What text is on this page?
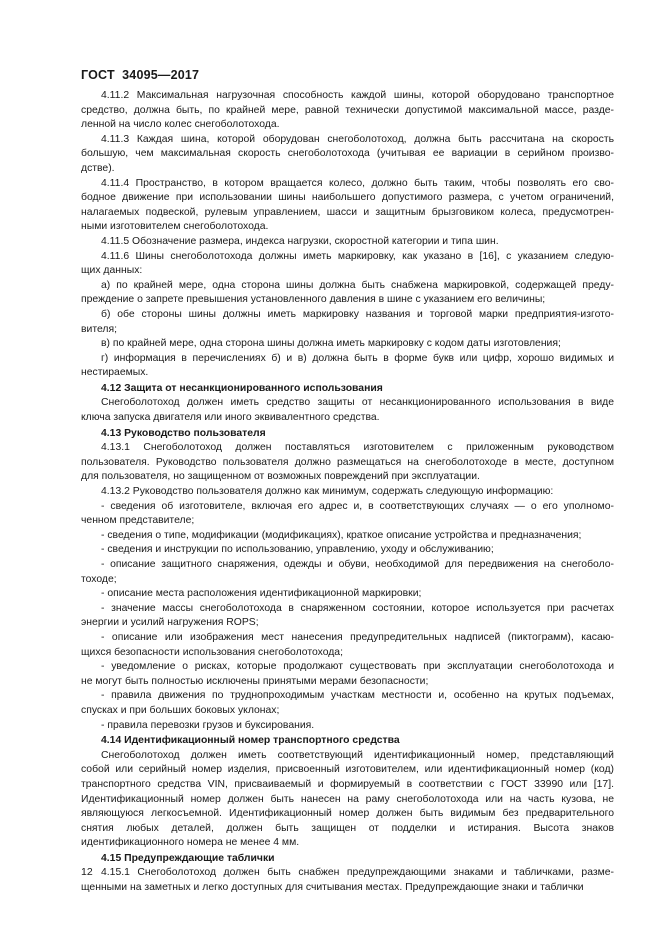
ГОСТ  34095—2017
4.11.2 Максимальная нагрузочная способность каждой шины, которой оборудовано транспортное
средство, должна быть, по крайней мере, равной технически допустимой максимальной массе, разде-
ленной на число колес снегоболотохода.
4.11.3 Каждая шина, которой оборудован снегоболотоход, должна быть рассчитана на скорость
большую, чем максимальная скорость снегоболотохода (учитывая ее вариации в серийном произво-
дстве).
4.11.4 Пространство, в котором вращается колесо, должно быть таким, чтобы позволять его сво-
бодное движение при использовании шины наибольшего допустимого размера, с учетом ограничений,
налагаемых подвеской, рулевым управлением, шасси и защитным брызговиком колеса, предусмотрен-
ными изготовителем снегоболотохода.
4.11.5 Обозначение размера, индекса нагрузки, скоростной категории и типа шин.
4.11.6 Шины снегоболотохода должны иметь маркировку, как указано в [16], с указанием следую-
щих данных:
а) по крайней мере, одна сторона шины должна быть снабжена маркировкой, содержащей преду-
преждение о запрете превышения установленного давления в шине с указанием его величины;
б) обе стороны шины должны иметь маркировку названия и торговой марки предприятия-изгото-
вителя;
в) по крайней мере, одна сторона шины должна иметь маркировку с кодом даты изготовления;
г) информация в перечислениях б) и в) должна быть в форме букв или цифр, хорошо видимых и
нестираемых.
4.12 Защита от несанкционированного использования
Снегоболотоход должен иметь средство защиты от несанкционированного использования в виде
ключа запуска двигателя или иного эквивалентного средства.
4.13 Руководство пользователя
4.13.1 Снегоболотоход должен поставляться изготовителем с приложенным руководством
пользователя. Руководство пользователя должно размещаться на снегоболотоходе в месте, доступном
для пользователя, но защищенном от возможных повреждений при эксплуатации.
4.13.2 Руководство пользователя должно как минимум, содержать следующую информацию:
- сведения об изготовителе, включая его адрес и, в соответствующих случаях — о его уполномо-
ченном представителе;
- сведения о типе, модификации (модификациях), краткое описание устройства и предназначения;
- сведения и инструкции по использованию, управлению, уходу и обслуживанию;
- описание защитного снаряжения, одежды и обуви, необходимой для передвижения на снегоболо-
тоходе;
- описание места расположения идентификационной маркировки;
- значение массы снегоболотохода в снаряженном состоянии, которое используется при расчетах
энергии и усилий нагружения ROPS;
- описание или изображения мест нанесения предупредительных надписей (пиктограмм), касаю-
щихся безопасности использования снегоболотохода;
- уведомление о рисках, которые продолжают существовать при эксплуатации снегоболотохода и
не могут быть полностью исключены принятыми мерами безопасности;
- правила движения по труднопроходимым участкам местности и, особенно на крутых подъемах,
спусках и при больших боковых уклонах;
- правила перевозки грузов и буксирования.
4.14 Идентификационный номер транспортного средства
Снегоболотоход должен иметь соответствующий идентификационный номер, представляющий
собой или серийный номер изделия, присвоенный изготовителем, или идентификационный номер (код)
транспортного средства VIN, присваиваемый и формируемый в соответствии с ГОСТ 33990 или [17].
Идентификационный номер должен быть нанесен на раму снегоболотохода или на часть кузова, не
являющуюся легкосъемной. Идентификационный номер должен быть видимым без предварительного
снятия любых деталей, должен быть защищен от подделки и истирания. Высота знаков
идентификационного номера не менее 4 мм.
4.15 Предупреждающие таблички
4.15.1 Снегоболотоход должен быть снабжен предупреждающими знаками и табличками, разме-
щенными на заметных и легко доступных для считывания местах. Предупреждающие знаки и таблички
12
